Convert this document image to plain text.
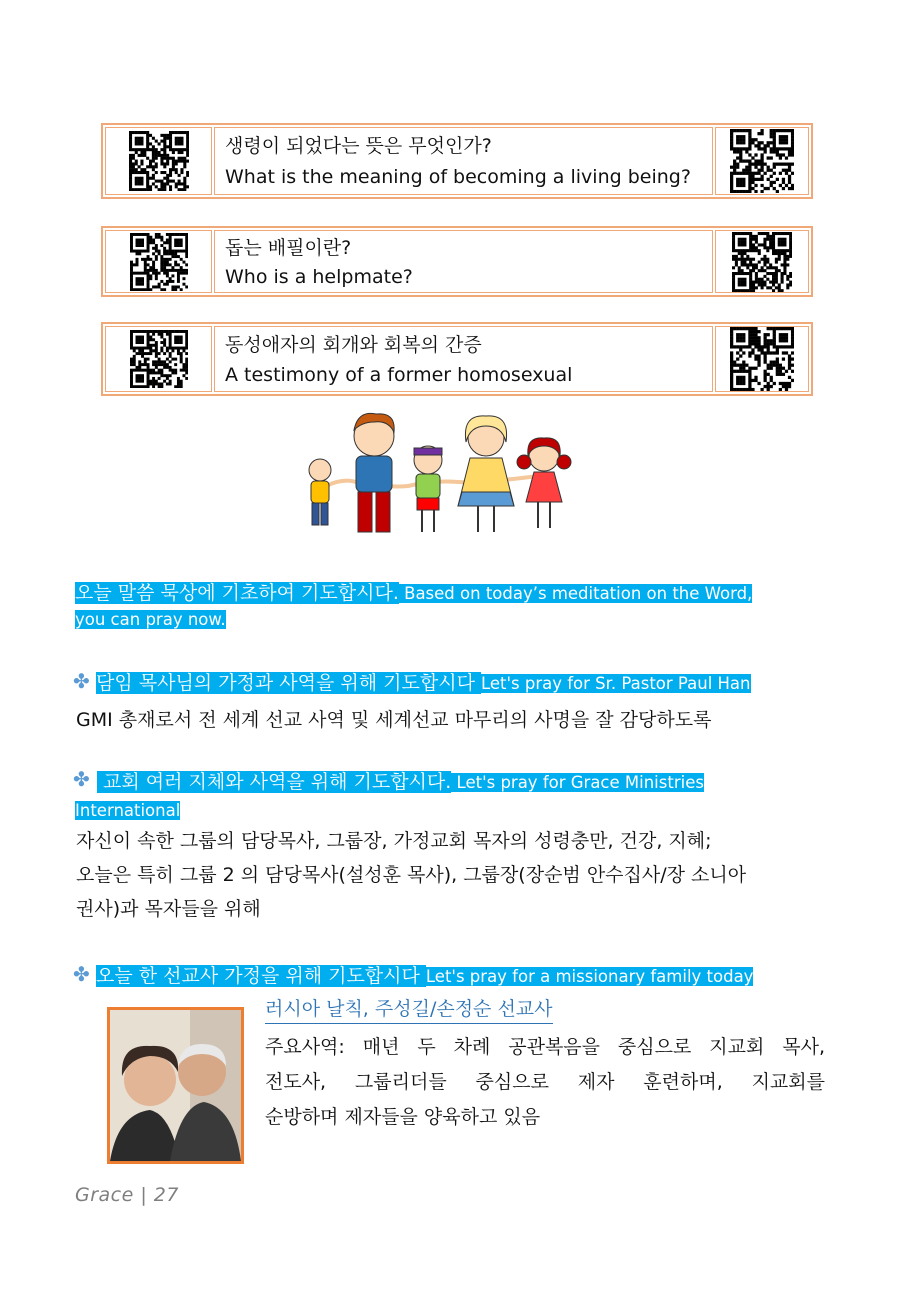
생령이 되었다는 뜻은 무엇인가?
What is the meaning of becoming a living being?
돕는 배필이란?
Who is a helpmate?
동성애자의 회개와 회복의 간증
A testimony of a former homosexual
오늘 말씀 묵상에 기초하여 기도합시다. Based on today’s meditation on the Word,
you can pray now.
✤ 담임 목사님의 가정과 사역을 위해 기도합시다 Let's pray for Sr. Pastor Paul Han
GMI 총재로서 전 세계 선교 사역 및 세계선교 마무리의 사명을 잘 감당하도록
✤ 교회 여러 지체와 사역을 위해 기도합시다. Let's pray for Grace Ministries
International
자신이 속한 그룹의 담당목사, 그룹장, 가정교회 목자의 성령충만, 건강, 지혜;
오늘은 특히 그룹 2 의 담당목사(설성훈 목사), 그룹장(장순범 안수집사/장 소니아
권사)과 목자들을 위해
✤ 오늘 한 선교사 가정을 위해 기도합시다 Let's pray for a missionary family today
러시아 날칙, 주성길/손정순 선교사
주요사역: 매년 두 차례 공관복음을 중심으로 지교회 목사,
전도사, 그룹리더들 중심으로 제자 훈련하며, 지교회를
순방하며 제자들을 양육하고 있음
Grace | 27
